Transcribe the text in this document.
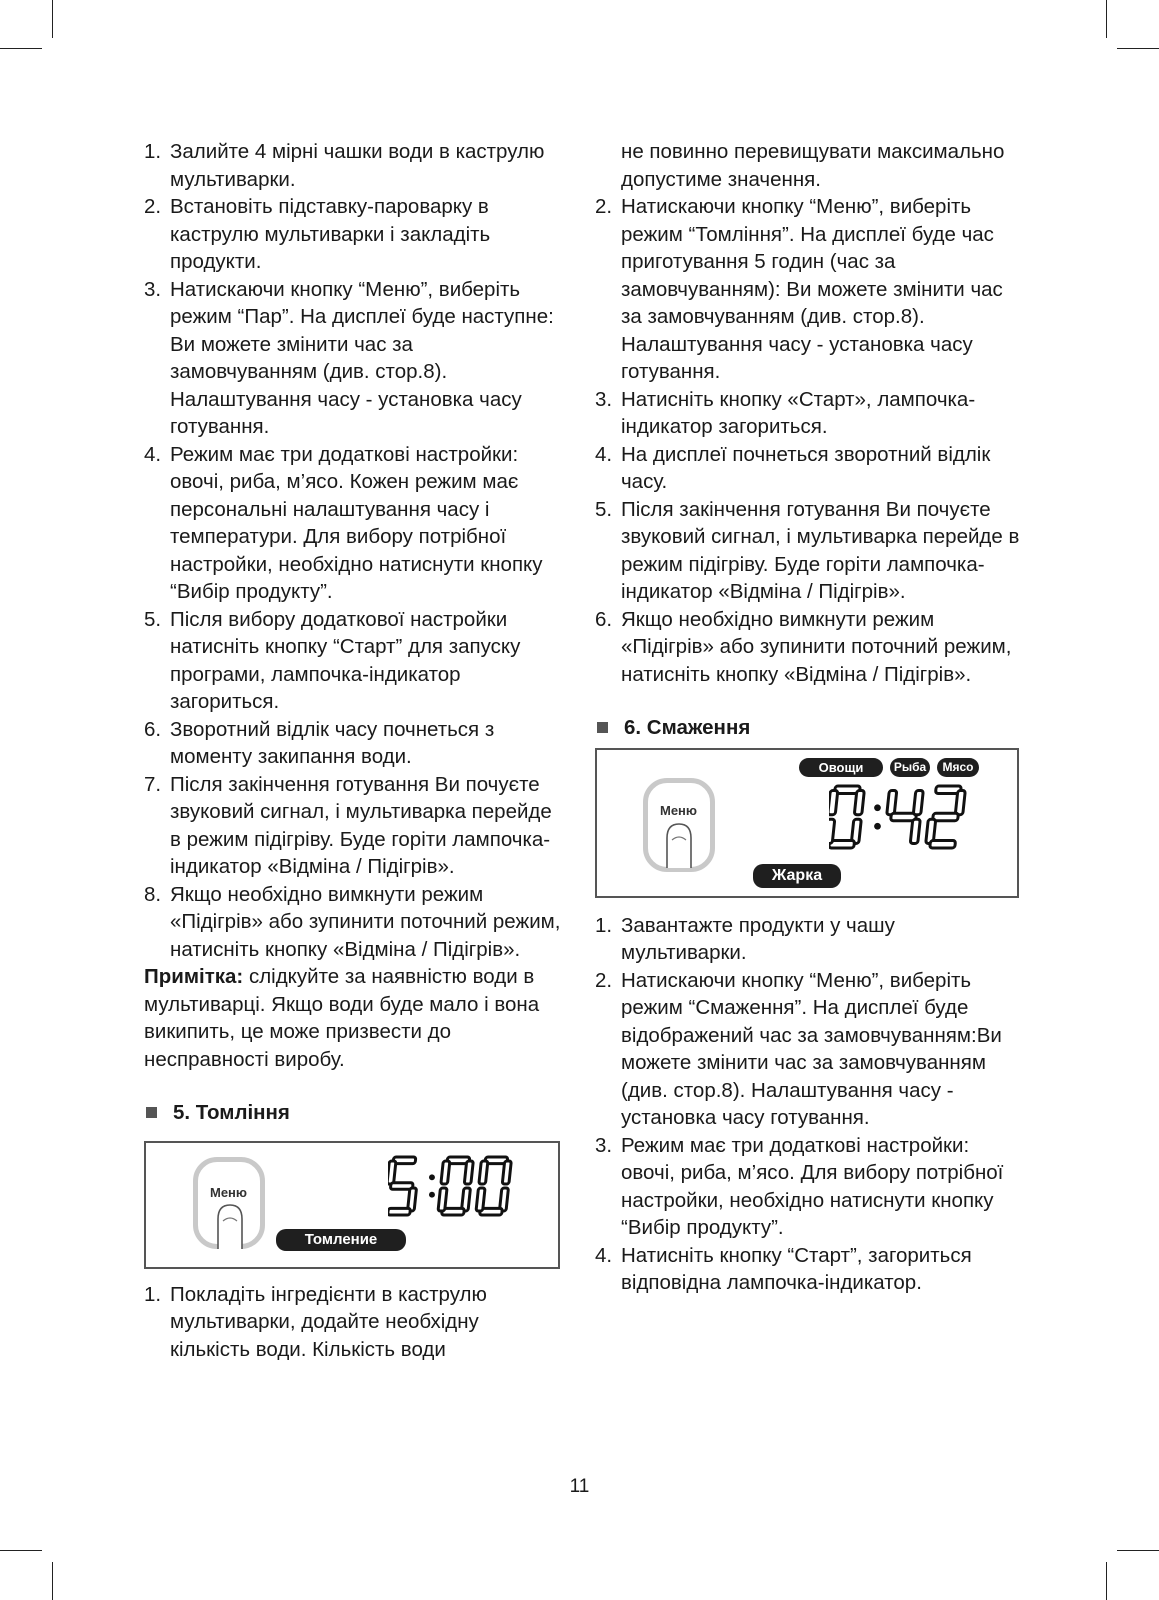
1. Залийте 4 мірні чашки води в каструлю мультиварки.
2. Встановіть підставку-пароварку в каструлю мультиварки і закладіть продукти.
3. Натискаючи кнопку “Меню”, виберіть режим “Пар”. На дисплеї буде наступне: Ви можете змінити час за замовчуванням (див. стор.8). Налаштування часу - установка часу готування.
4. Режим має три додаткові настройки: овочі, риба, м’ясо. Кожен режим має персональні налаштування часу і температури. Для вибору потрібної настройки, необхідно натиснути кнопку “Вибір продукту”.
5. Після вибору додаткової настройки натисніть кнопку “Старт” для запуску програми, лампочка-індикатор загориться.
6. Зворотний відлік часу почнеться з моменту закипання води.
7. Після закінчення готування Ви почуєте звуковий сигнал, і мультиварка перейде в режим підігріву. Буде горіти лампочка-індикатор «Відміна / Підігрів».
8. Якщо необхідно вимкнути режим «Підігрів» або зупинити поточний режим, натисніть кнопку «Відміна / Підігрів».
Примітка: слідкуйте за наявністю води в мультиварці. Якщо води буде мало і вона википить, це може призвести до несправності виробу.
5. Томління
Меню
Томление
1. Покладіть інгредієнти в каструлю мультиварки, додайте необхідну кількість води. Кількість води
не повинно перевищувати максимально допустиме значення.
2. Натискаючи кнопку “Меню”, виберіть режим “Томління”. На дисплеї буде час приготування 5 годин (час за замовчуванням): Ви можете змінити час за замовчуванням (див. стор.8). Налаштування часу - установка часу готування.
3. Натисніть кнопку «Старт», лампочка-індикатор загориться.
4. На дисплеї почнеться зворотний відлік часу.
5. Після закінчення готування Ви почуєте звуковий сигнал, і мультиварка перейде в режим підігріву. Буде горіти лампочка-індикатор «Відміна / Підігрів».
6. Якщо необхідно вимкнути режим «Підігрів» або зупинити поточний режим, натисніть кнопку «Відміна / Підігрів».
6. Смаження
Меню
Овощи	Рыба	Мясо
Жарка
1. Завантажте продукти у чашу мультиварки.
2. Натискаючи кнопку “Меню”, виберіть режим “Смаження”. На дисплеї буде відображений час за замовчуванням:Ви можете змінити час за замовчуванням (див. стор.8). Налаштування часу - установка часу готування.
3. Режим має три додаткові настройки: овочі, риба, м’ясо. Для вибору потрібної настройки, необхідно натиснути кнопку “Вибір продукту”.
4. Натисніть кнопку “Старт”, загориться відповідна лампочка-індикатор.
11
